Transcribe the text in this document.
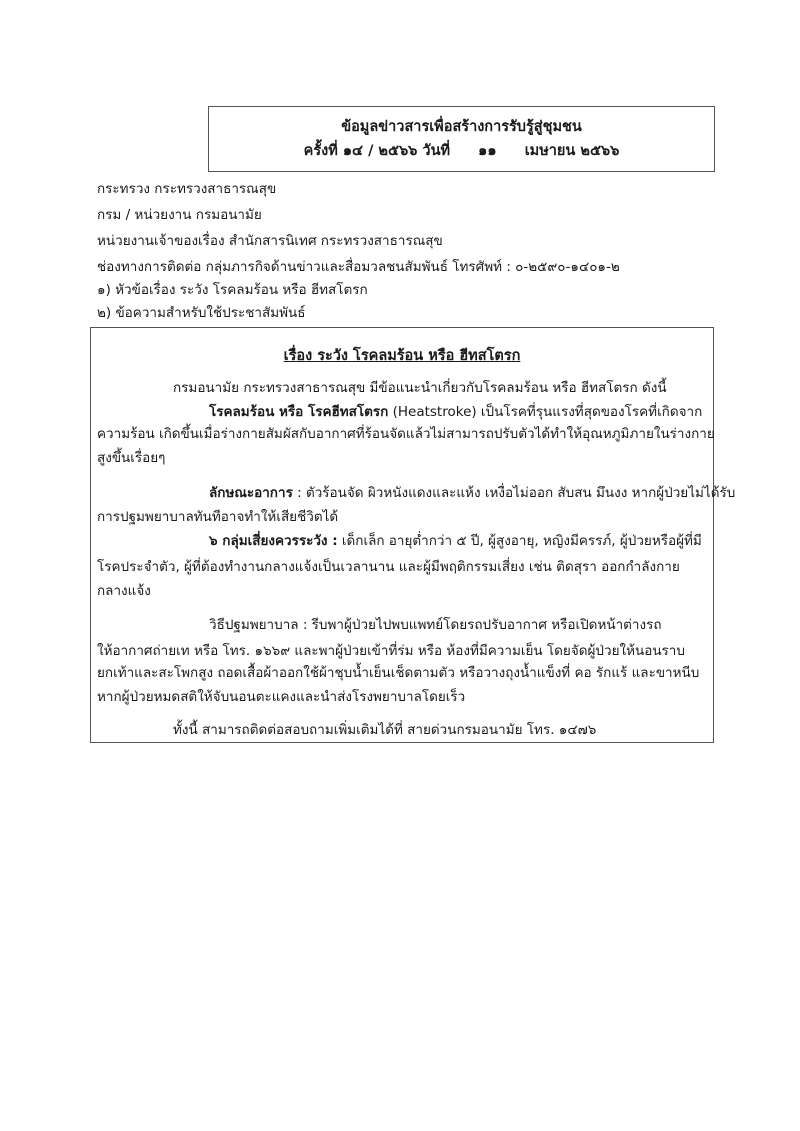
ข้อมูลข่าวสารเพื่อสร้างการรับรู้สู่ชุมชน
ครั้งที่ ๑๔ / ๒๕๖๖ วันที่ ๑๑ เมษายน ๒๕๖๖
กระทรวง กระทรวงสาธารณสุข
กรม / หน่วยงาน กรมอนามัย
หน่วยงานเจ้าของเรื่อง สำนักสารนิเทศ กระทรวงสาธารณสุข
ช่องทางการติดต่อ กลุ่มภารกิจด้านข่าวและสื่อมวลชนสัมพันธ์ โทรศัพท์ : ๐-๒๕๙๐-๑๔๐๑-๒
๑) หัวข้อเรื่อง ระวัง โรคลมร้อน หรือ ฮีทสโตรก
๒) ข้อความสำหรับใช้ประชาสัมพันธ์
เรื่อง ระวัง โรคลมร้อน หรือ ฮีทสโตรก
กรมอนามัย กระทรวงสาธารณสุข มีข้อแนะนำเกี่ยวกับโรคลมร้อน หรือ ฮีทสโตรก ดังนี้
โรคลมร้อน หรือ โรคฮีทสโตรก (Heatstroke) เป็นโรคที่รุนแรงที่สุดของโรคที่เกิดจาก
ความร้อน เกิดขึ้นเมื่อร่างกายสัมผัสกับอากาศที่ร้อนจัดแล้วไม่สามารถปรับตัวได้ทำให้อุณหภูมิภายในร่างกาย
สูงขึ้นเรื่อยๆ
ลักษณะอาการ : ตัวร้อนจัด ผิวหนังแดงและแห้ง เหงื่อไม่ออก สับสน มึนงง หากผู้ป่วยไม่ได้รับ
การปฐมพยาบาลทันทีอาจทำให้เสียชีวิตได้
๖ กลุ่มเสี่ยงควรระวัง : เด็กเล็ก อายุต่ำกว่า ๕ ปี, ผู้สูงอายุ, หญิงมีครรภ์, ผู้ป่วยหรือผู้ที่มี
โรคประจำตัว, ผู้ที่ต้องทำงานกลางแจ้งเป็นเวลานาน และผู้มีพฤติกรรมเสี่ยง เช่น ติดสุรา ออกกำลังกาย
กลางแจ้ง
วิธีปฐมพยาบาล : รีบพาผู้ป่วยไปพบแพทย์โดยรถปรับอากาศ หรือเปิดหน้าต่างรถ
ให้อากาศถ่ายเท หรือ โทร. ๑๖๖๙ และพาผู้ป่วยเข้าที่ร่ม หรือ ห้องที่มีความเย็น โดยจัดผู้ป่วยให้นอนราบ
ยกเท้าและสะโพกสูง ถอดเสื้อผ้าออกใช้ผ้าชุบน้ำเย็นเช็ดตามตัว หรือวางถุงน้ำแข็งที่ คอ รักแร้ และขาหนีบ
หากผู้ป่วยหมดสติให้จับนอนตะแคงและนำส่งโรงพยาบาลโดยเร็ว
ทั้งนี้ สามารถติดต่อสอบถามเพิ่มเติมได้ที่ สายด่วนกรมอนามัย โทร. ๑๔๗๖
